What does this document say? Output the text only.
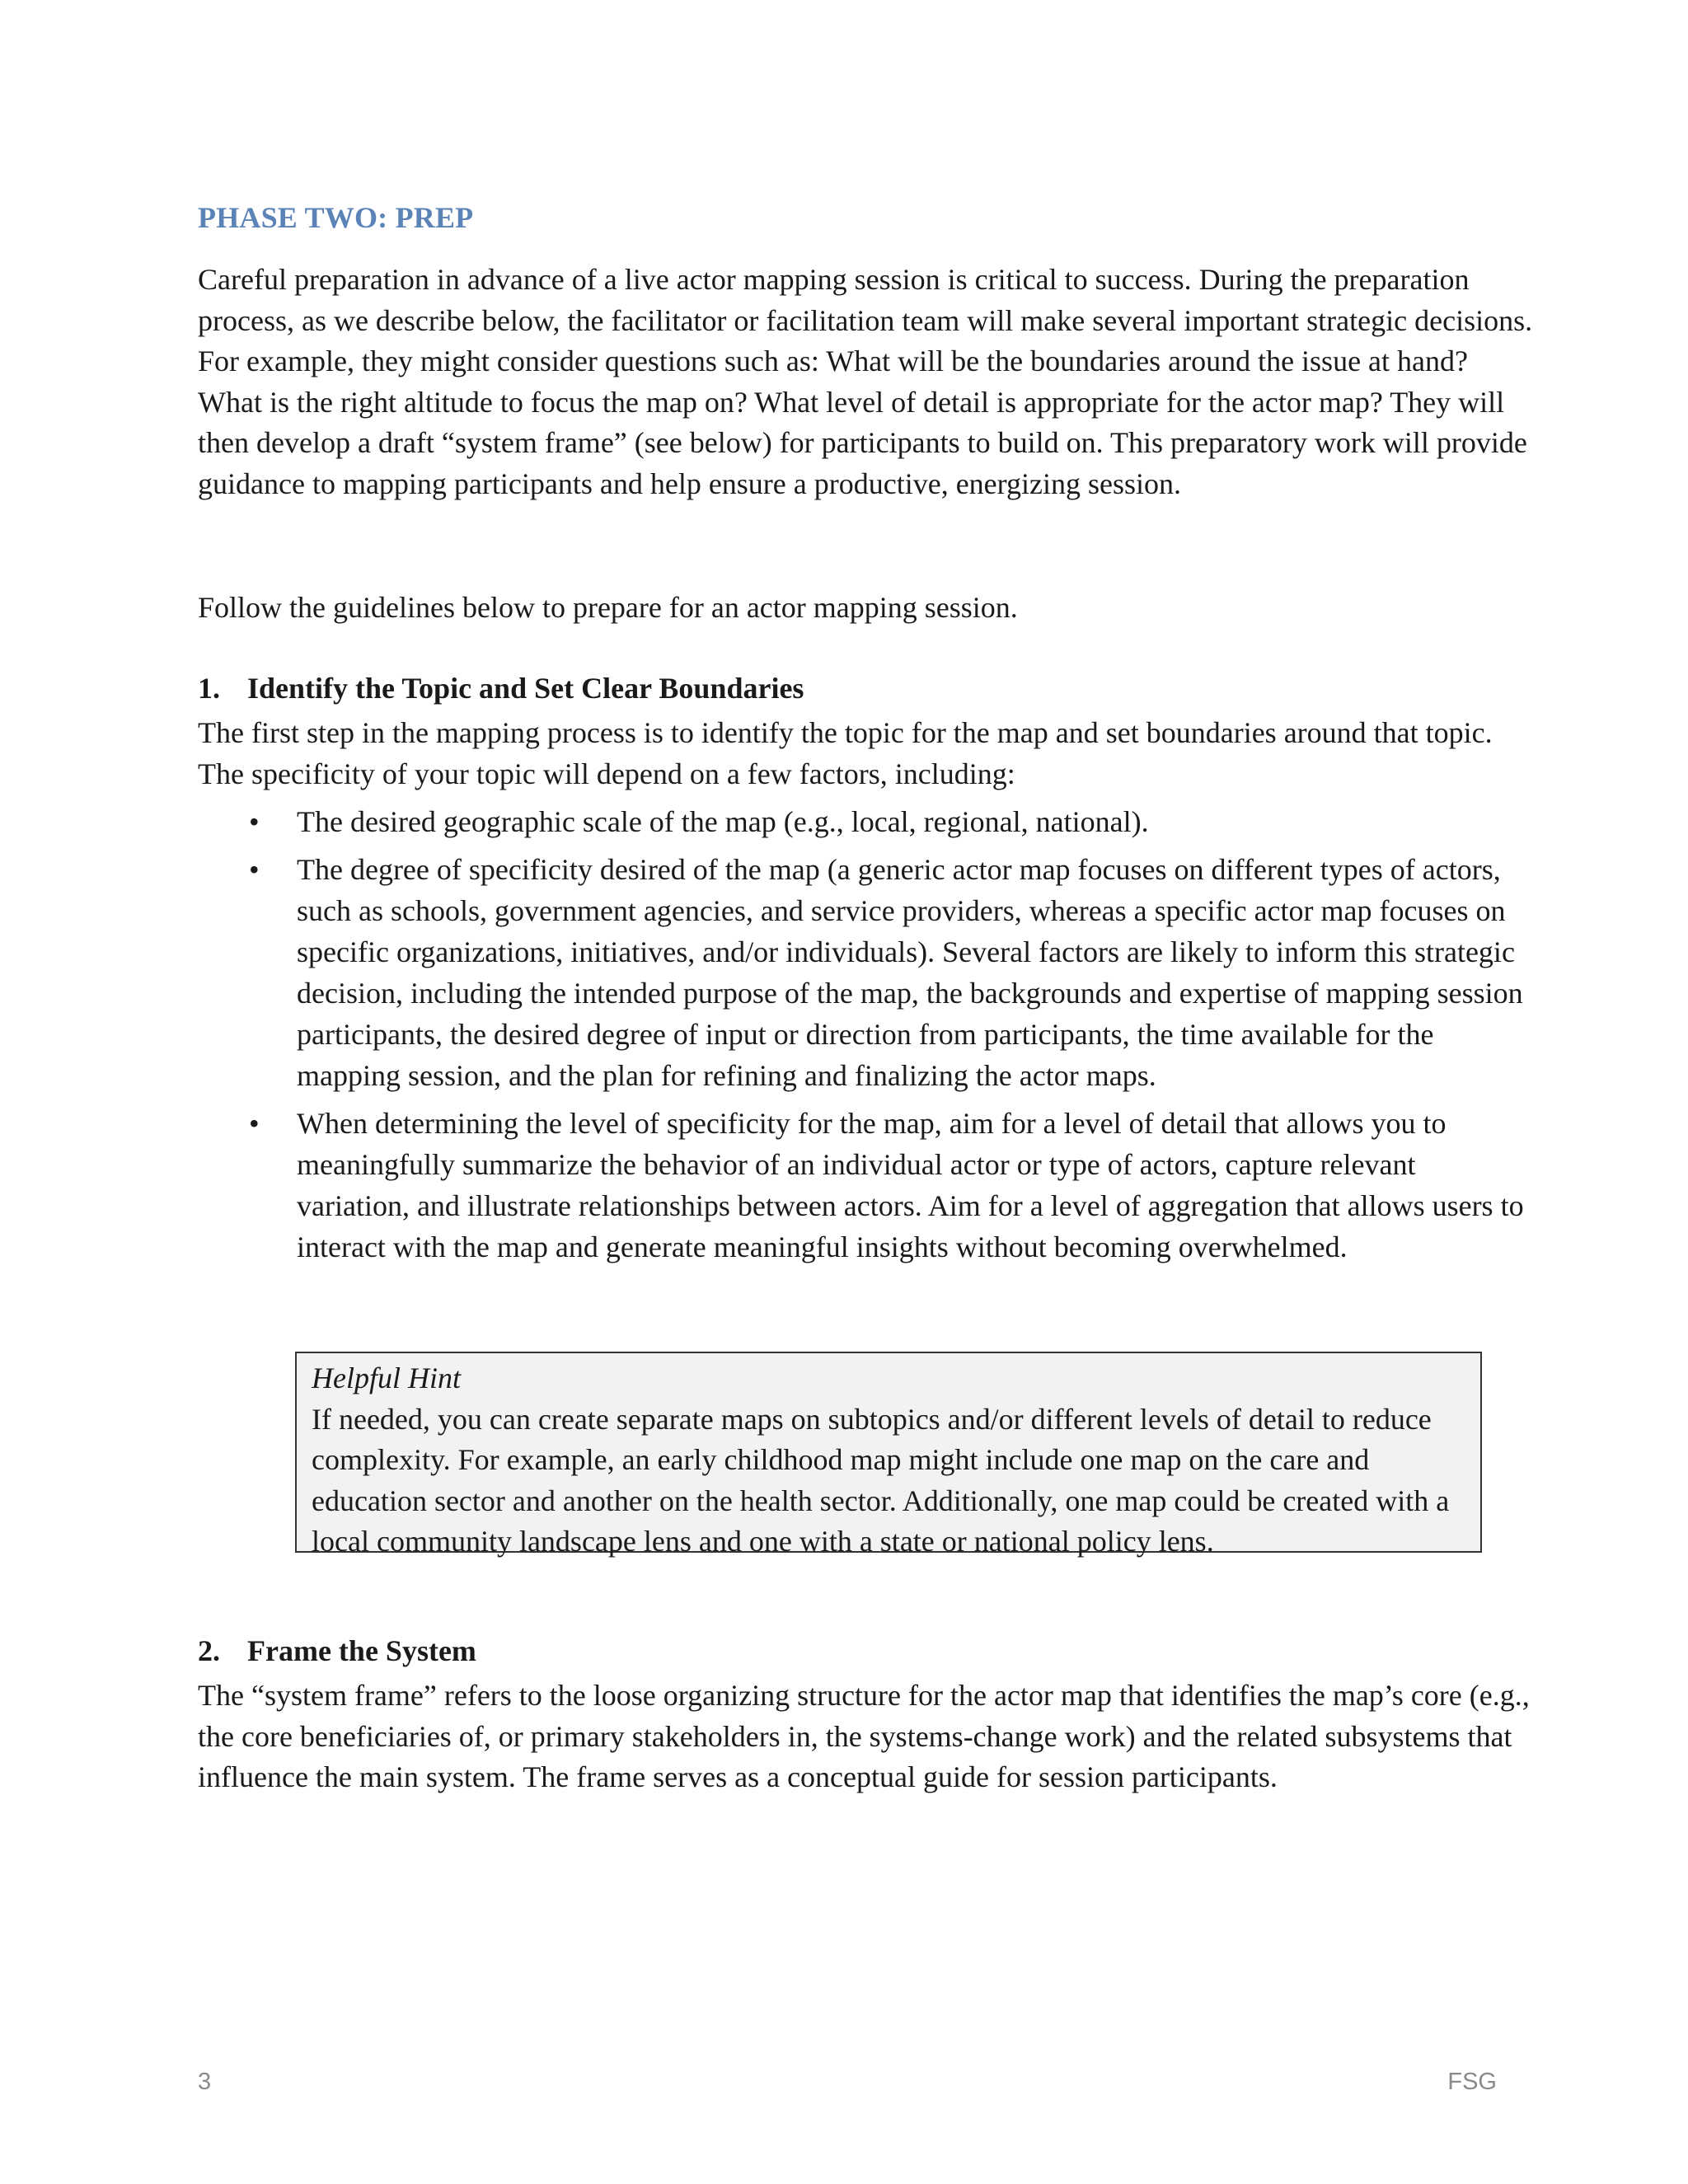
PHASE TWO: PREP

Careful preparation in advance of a live actor mapping session is critical to success. During the preparation process, as we describe below, the facilitator or facilitation team will make several important strategic decisions. For example, they might consider questions such as: What will be the boundaries around the issue at hand? What is the right altitude to focus the map on? What level of detail is appropriate for the actor map? They will then develop a draft “system frame” (see below) for participants to build on. This preparatory work will provide guidance to mapping participants and help ensure a productive, energizing session.

Follow the guidelines below to prepare for an actor mapping session.

1. Identify the Topic and Set Clear Boundaries

The first step in the mapping process is to identify the topic for the map and set boundaries around that topic. The specificity of your topic will depend on a few factors, including:

• The desired geographic scale of the map (e.g., local, regional, national).
• The degree of specificity desired of the map (a generic actor map focuses on different types of actors, such as schools, government agencies, and service providers, whereas a specific actor map focuses on specific organizations, initiatives, and/or individuals). Several factors are likely to inform this strategic decision, including the intended purpose of the map, the backgrounds and expertise of mapping session participants, the desired degree of input or direction from participants, the time available for the mapping session, and the plan for refining and finalizing the actor maps.
• When determining the level of specificity for the map, aim for a level of detail that allows you to meaningfully summarize the behavior of an individual actor or type of actors, capture relevant variation, and illustrate relationships between actors. Aim for a level of aggregation that allows users to interact with the map and generate meaningful insights without becoming overwhelmed.
Helpful Hint
If needed, you can create separate maps on subtopics and/or different levels of detail to reduce complexity. For example, an early childhood map might include one map on the care and education sector and another on the health sector. Additionally, one map could be created with a local community landscape lens and one with a state or national policy lens.
2. Frame the System

The “system frame” refers to the loose organizing structure for the actor map that identifies the map’s core (e.g., the core beneficiaries of, or primary stakeholders in, the systems-change work) and the related subsystems that influence the main system. The frame serves as a conceptual guide for session participants.

3	FSG
